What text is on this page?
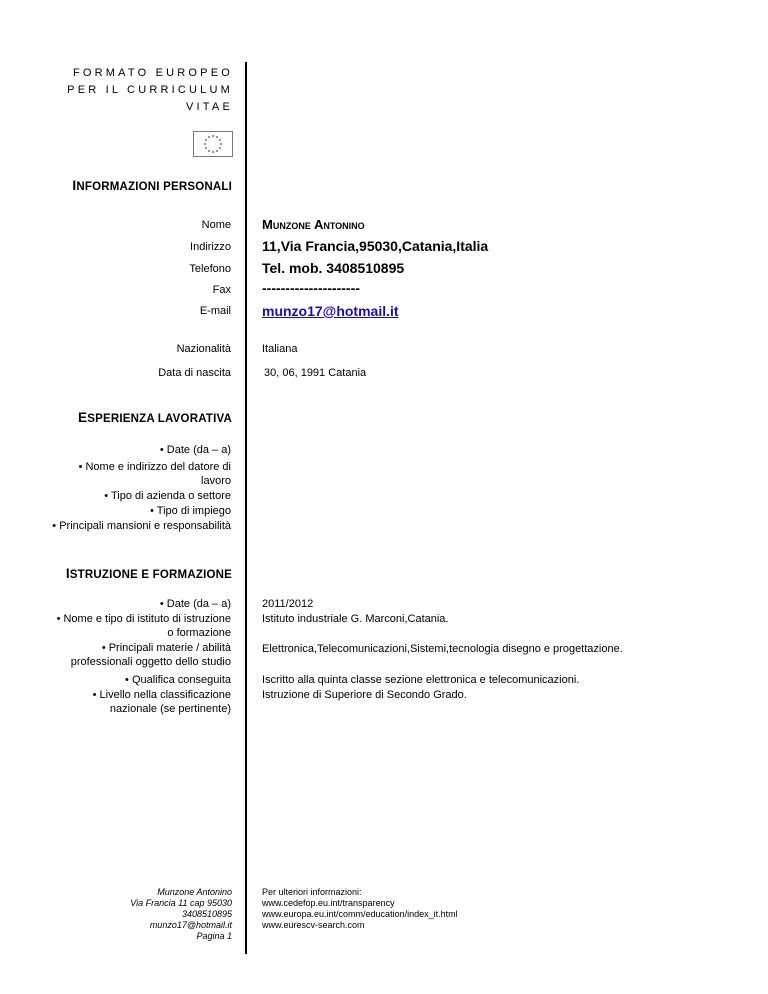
FORMATO EUROPEO
PER IL CURRICULUM
VITAE
INFORMAZIONI PERSONALI
Nome Munzone Antonino
Indirizzo 11,Via Francia,95030,Catania,Italia
Telefono Tel. mob. 3408510895
Fax ---------------------
E-mail munzo17@hotmail.it
Nazionalità	Italiana
Data di nascita	30, 06, 1991 Catania
ESPERIENZA LAVORATIVA
• Date (da – a)
• Nome e indirizzo del datore di
lavoro
• Tipo di azienda o settore
• Tipo di impiego
• Principali mansioni e responsabilità
ISTRUZIONE E FORMAZIONE
• Date (da – a)
• Nome e tipo di istituto di istruzione
o formazione
• Principali materie / abilità
professionali oggetto dello studio
• Qualifica conseguita
• Livello nella classificazione
nazionale (se pertinente)
2011/2012
Istituto industriale G. Marconi,Catania.
Elettronica,Telecomunicazioni,Sistemi,tecnologia disegno e progettazione.
Iscritto alla quinta classe sezione elettronica e telecomunicazioni.
Istruzione di Superiore di Secondo Grado.
Munzone Antonino
Via Francia 11 cap 95030
3408510895
munzo17@hotmail.it
Pagina 1
Per ulteriori informazioni:
www.cedefop.eu.int/transparency
www.europa.eu.int/comm/education/index_it.html
www.eurescv-search.com
